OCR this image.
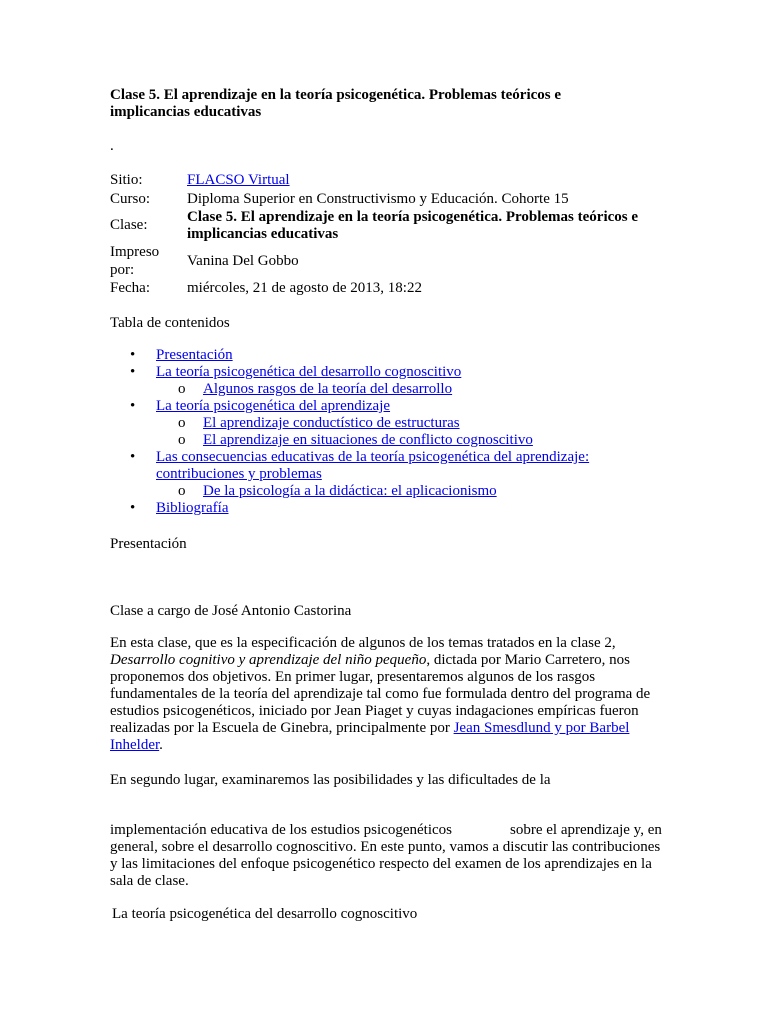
Clase 5. El aprendizaje en la teoría psicogenética. Problemas teóricos e implicancias educativas
.
Sitio:	FLACSO Virtual
Curso: Diploma Superior en Constructivismo y Educación. Cohorte 15
Clase:	Clase 5. El aprendizaje en la teoría psicogenética. Problemas teóricos e implicancias educativas
Impreso
por:
Vanina Del Gobbo
Fecha: miércoles, 21 de agosto de 2013, 18:22
Tabla de contenidos
•	Presentación
•	La teoría psicogenética del desarrollo cognoscitivo
o	Algunos rasgos de la teoría del desarrollo
•	La teoría psicogenética del aprendizaje
o	El aprendizaje conductístico de estructuras
o	El aprendizaje en situaciones de conflicto cognoscitivo
•	Las consecuencias educativas de la teoría psicogenética del aprendizaje: contribuciones y problemas
o	De la psicología a la didáctica: el aplicacionismo
•	Bibliografía
Presentación
Clase a cargo de José Antonio Castorina
En esta clase, que es la especificación de algunos de los temas tratados en la clase 2, Desarrollo cognitivo y aprendizaje del niño pequeño, dictada por Mario Carretero, nos proponemos dos objetivos. En primer lugar, presentaremos algunos de los rasgos fundamentales de la teoría del aprendizaje tal como fue formulada dentro del programa de estudios psicogenéticos, iniciado por Jean Piaget y cuyas indagaciones empíricas fueron realizadas por la Escuela de Ginebra, principalmente por Jean Smesdlund y por Barbel Inhelder.
En segundo lugar, examinaremos las posibilidades y las dificultades de la
implementación educativa de los estudios psicogenéticos	sobre el aprendizaje y, en general, sobre el desarrollo cognoscitivo. En este punto, vamos a discutir las contribuciones y las limitaciones del enfoque psicogenético respecto del examen de los aprendizajes en la sala de clase.
La teoría psicogenética del desarrollo cognoscitivo
